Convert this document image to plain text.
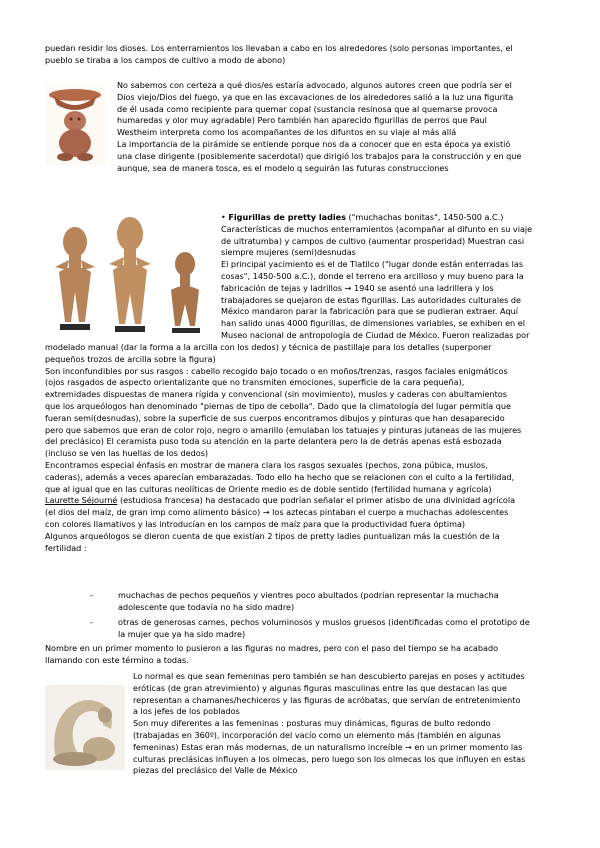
puedan residir los dioses. Los enterramientos los llevaban a cabo en los alrededores (solo personas importantes, el

pueblo se tiraba a los campos de cultivo a modo de abono)

No sabemos con certeza a qué dios/es estaría advocado, algunos autores creen que podría ser el

Dios viejo/Dios del fuego, ya que en las excavaciones de los alrededores salió a la luz una figurita

de él usada como recipiente para quemar copal (sustancia resinosa que al quemarse provoca

humaredas y olor muy agradable) Pero también han aparecido figurillas de perros que Paul

Westheim interpreta como los acompañantes de los difuntos en su viaje al más allá

La importancia de la pirámide se entiende porque nos da a conocer que en esta época ya existió

una clase dirigente (posiblemente sacerdotal) que dirigió los trabajos para la construcción y en que

aunque, sea de manera tosca, es el modelo q seguirán las futuras construcciones

• Figurillas de pretty ladies ("muchachas bonitas", 1450-500 a.C.)

Características de muchos enterramientos (acompañar al difunto en su viaje

de ultratumba) y campos de cultivo (aumentar prosperidad) Muestran casi

siempre mujeres (semi)desnudas

El principal yacimiento es el de Tlatilco ("lugar donde están enterradas las

cosas", 1450-500 a.C.), donde el terreno era arcilloso y muy bueno para la

fabricación de tejas y ladrillos → 1940 se asentó una ladrillera y los

trabajadores se quejaron de estas figurillas. Las autoridades culturales de

México mandaron parar la fabricación para que se pudieran extraer. Aquí

han salido unas 4000 figurillas, de dimensiones variables, se exhiben en el

Museo nacional de antropología de Ciudad de México. Fueron realizadas por

modelado manual (dar la forma a la arcilla con los dedos) y técnica de pastillaje para los detalles (superponer

pequeños trozos de arcilla sobre la figura)

Son inconfundibles por sus rasgos : cabello recogido bajo tocado o en moños/trenzas, rasgos faciales enigmáticos

(ojos rasgados de aspecto orientalizante que no transmiten emociones, superficie de la cara pequeña),

extremidades dispuestas de manera rígida y convencional (sin movimiento), muslos y caderas con abultamientos

que los arqueólogos han denominado "piernas de tipo de cebolla". Dado que la climatología del lugar permitía que

fueran semi(desnudas), sobre la superficie de sus cuerpos encontramos dibujos y pinturas que han desaparecido

pero que sabemos que eran de color rojo, negro o amarillo (emulaban los tatuajes y pinturas jutaneas de las mujeres

del preclásico) El ceramista puso toda su atención en la parte delantera pero la de detrás apenas está esbozada

(incluso se ven las huellas de los dedos)

Encontramos especial énfasis en mostrar de manera clara los rasgos sexuales (pechos, zona púbica, muslos,

caderas), además a veces aparecían embarazadas. Todo ello ha hecho que se relacionen con el culto a la fertilidad,

que al igual que en las culturas neolíticas de Oriente medio es de doble sentido (fertilidad humana y agrícola)

Laurette Séjourné (estudiosa francesa) ha destacado que podrían señalar el primer atisbo de una divinidad agrícola

(el dios del maíz, de gran imp como alimento básico) → los aztecas pintaban el cuerpo a muchachas adolescentes

con colores llamativos y las introducían en los campos de maíz para que la productividad fuera óptima)

Algunos arqueólogos se dieron cuenta de que existían 2 tipos de pretty ladies puntualizan más la cuestión de la

fertilidad :

-	muchachas de pechos pequeños y vientres poco abultados (podrían representar la muchacha

adolescente que todavía no ha sido madre)

-	otras de generosas carnes, pechos voluminosos y muslos gruesos (identificadas como el prototipo de

la mujer que ya ha sido madre)

Nombre en un primer momento lo pusieron a las figuras no madres, pero con el paso del tiempo se ha acabado

llamando con este término a todas.

Lo normal es que sean femeninas pero también se han descubierto parejas en poses y actitudes

eróticas (de gran atrevimiento) y algunas figuras masculinas entre las que destacan las que

representan a chamanes/hechiceros y las figuras de acróbatas, que servían de entretenimiento

a los jefes de los poblados

Son muy diferentes a las femeninas : posturas muy dinámicas, figuras de bulto redondo

(trabajadas en 360º), incorporación del vacío como un elemento más (también en algunas

femeninas) Estas eran más modernas, de un naturalismo increíble → en un primer momento las

culturas preclásicas influyen a los olmecas, pero luego son los olmecas los que influyen en estas

piezas del preclásico del Valle de México
